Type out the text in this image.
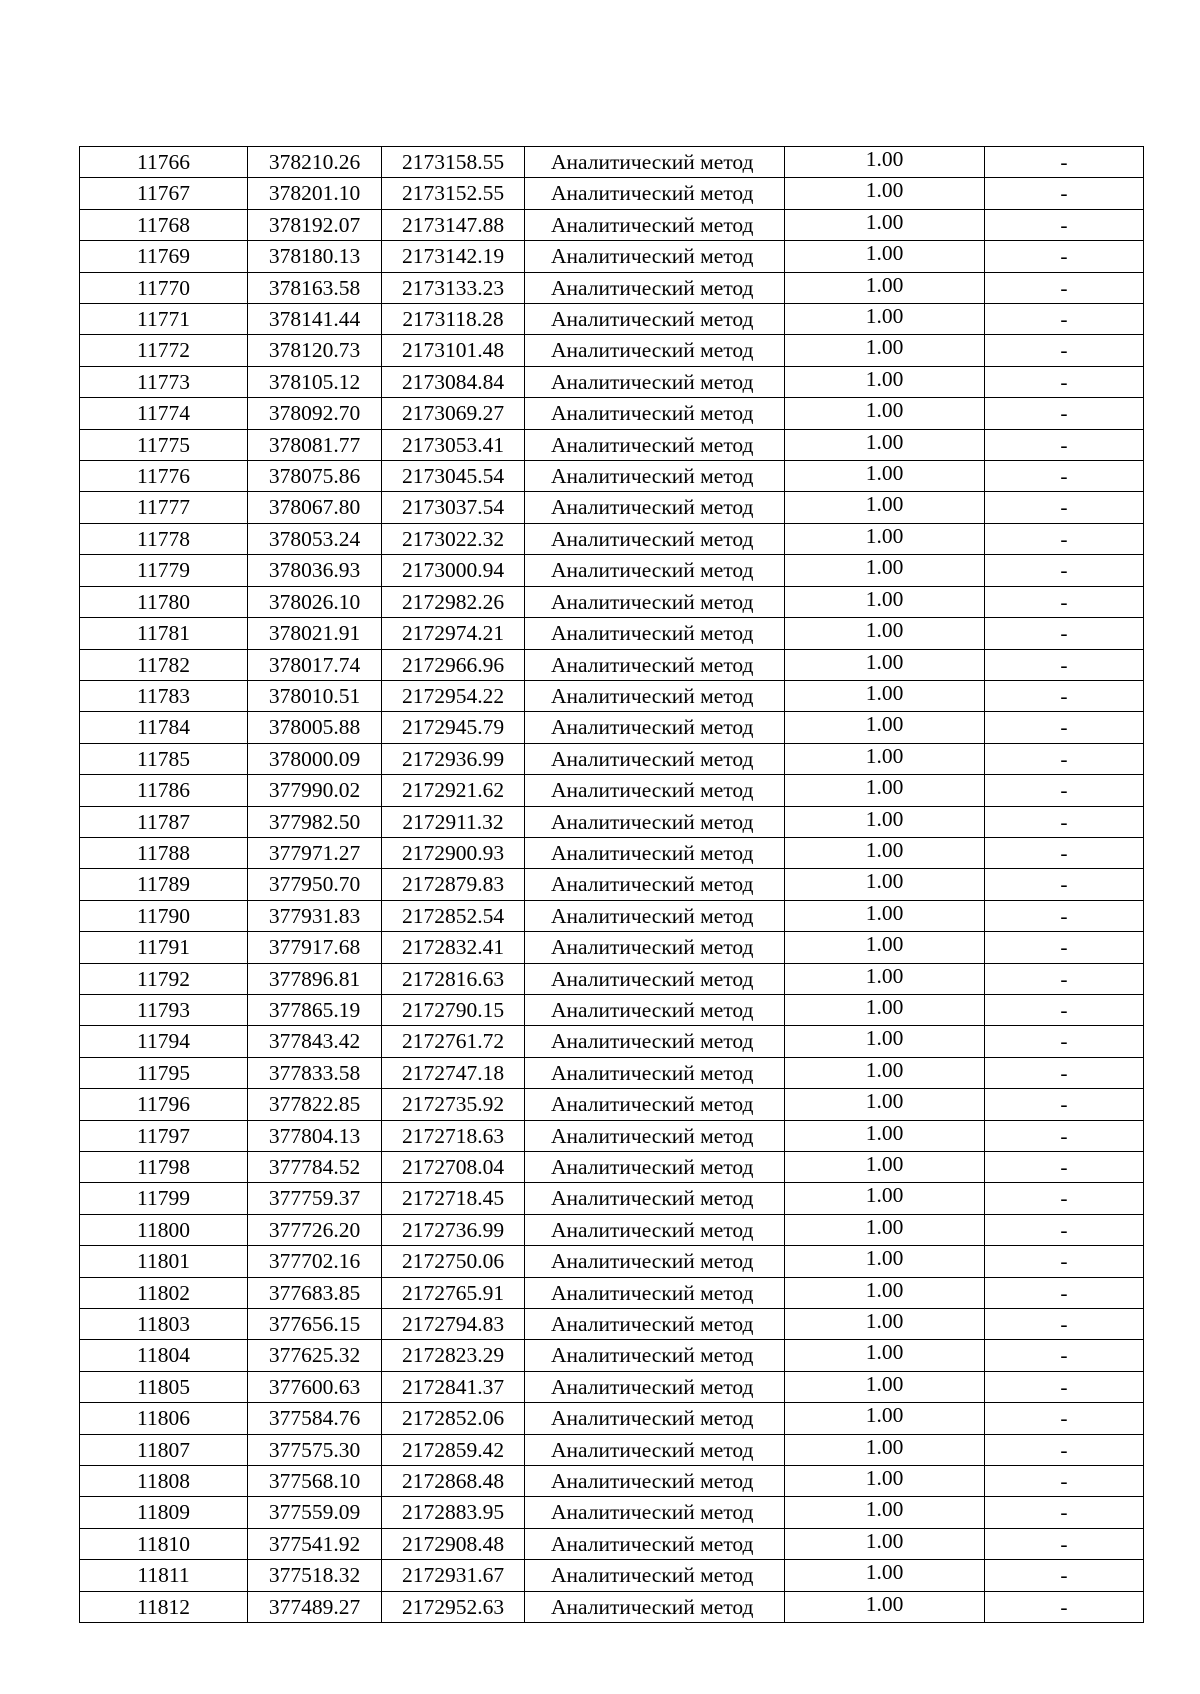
11766	378210.26	2173158.55	Аналитический метод	1.00	-
11767	378201.10	2173152.55	Аналитический метод	1.00	-
11768	378192.07	2173147.88	Аналитический метод	1.00	-
11769	378180.13	2173142.19	Аналитический метод	1.00	-
11770	378163.58	2173133.23	Аналитический метод	1.00	-
11771	378141.44	2173118.28	Аналитический метод	1.00	-
11772	378120.73	2173101.48	Аналитический метод	1.00	-
11773	378105.12	2173084.84	Аналитический метод	1.00	-
11774	378092.70	2173069.27	Аналитический метод	1.00	-
11775	378081.77	2173053.41	Аналитический метод	1.00	-
11776	378075.86	2173045.54	Аналитический метод	1.00	-
11777	378067.80	2173037.54	Аналитический метод	1.00	-
11778	378053.24	2173022.32	Аналитический метод	1.00	-
11779	378036.93	2173000.94	Аналитический метод	1.00	-
11780	378026.10	2172982.26	Аналитический метод	1.00	-
11781	378021.91	2172974.21	Аналитический метод	1.00	-
11782	378017.74	2172966.96	Аналитический метод	1.00	-
11783	378010.51	2172954.22	Аналитический метод	1.00	-
11784	378005.88	2172945.79	Аналитический метод	1.00	-
11785	378000.09	2172936.99	Аналитический метод	1.00	-
11786	377990.02	2172921.62	Аналитический метод	1.00	-
11787	377982.50	2172911.32	Аналитический метод	1.00	-
11788	377971.27	2172900.93	Аналитический метод	1.00	-
11789	377950.70	2172879.83	Аналитический метод	1.00	-
11790	377931.83	2172852.54	Аналитический метод	1.00	-
11791	377917.68	2172832.41	Аналитический метод	1.00	-
11792	377896.81	2172816.63	Аналитический метод	1.00	-
11793	377865.19	2172790.15	Аналитический метод	1.00	-
11794	377843.42	2172761.72	Аналитический метод	1.00	-
11795	377833.58	2172747.18	Аналитический метод	1.00	-
11796	377822.85	2172735.92	Аналитический метод	1.00	-
11797	377804.13	2172718.63	Аналитический метод	1.00	-
11798	377784.52	2172708.04	Аналитический метод	1.00	-
11799	377759.37	2172718.45	Аналитический метод	1.00	-
11800	377726.20	2172736.99	Аналитический метод	1.00	-
11801	377702.16	2172750.06	Аналитический метод	1.00	-
11802	377683.85	2172765.91	Аналитический метод	1.00	-
11803	377656.15	2172794.83	Аналитический метод	1.00	-
11804	377625.32	2172823.29	Аналитический метод	1.00	-
11805	377600.63	2172841.37	Аналитический метод	1.00	-
11806	377584.76	2172852.06	Аналитический метод	1.00	-
11807	377575.30	2172859.42	Аналитический метод	1.00	-
11808	377568.10	2172868.48	Аналитический метод	1.00	-
11809	377559.09	2172883.95	Аналитический метод	1.00	-
11810	377541.92	2172908.48	Аналитический метод	1.00	-
11811	377518.32	2172931.67	Аналитический метод	1.00	-
11812	377489.27	2172952.63	Аналитический метод	1.00	-
